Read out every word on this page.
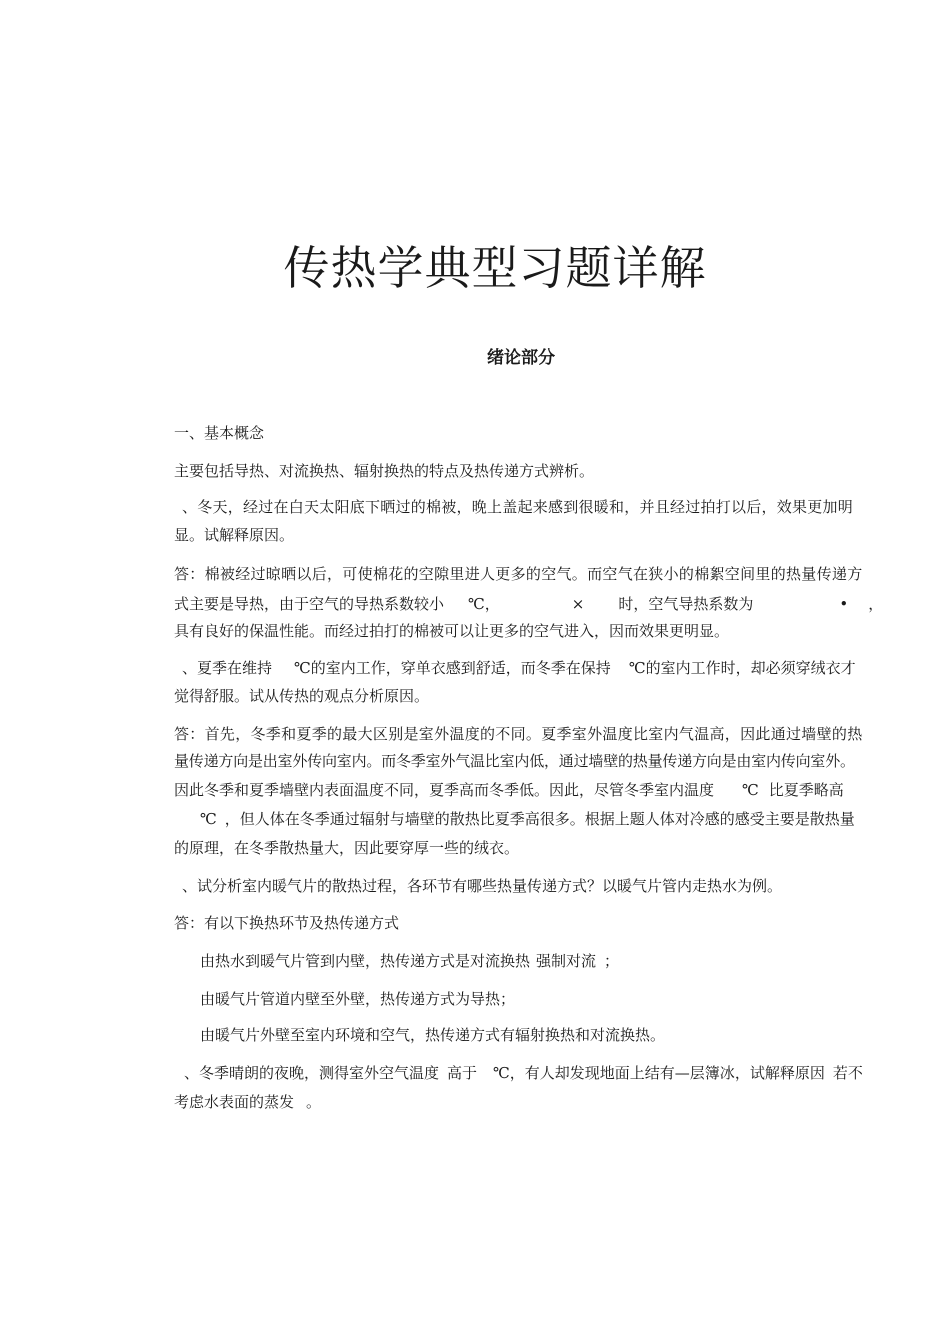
传热学典型习题详解
绪论部分
一、基本概念
主要包括导热、对流换热、辐射换热的特点及热传递方式辨析。
、冬天，经过在白天太阳底下晒过的棉被，晚上盖起来感到很暖和，并且经过拍打以后，效果更加明
显。试解释原因。
答：棉被经过晾晒以后，可使棉花的空隙里进人更多的空气。而空气在狭小的棉絮空间里的热量传递方
式主要是导热，由于空气的导热系数较小 ℃，	× 时，空气导热系数为	• ，
具有良好的保温性能。而经过拍打的棉被可以让更多的空气进入，因而效果更明显。
、夏季在维持 ℃的室内工作，穿单衣感到舒适，而冬季在保持 ℃的室内工作时，却必须穿绒衣才
觉得舒服。试从传热的观点分析原因。
答：首先，冬季和夏季的最大区别是室外温度的不同。夏季室外温度比室内气温高，因此通过墙壁的热
量传递方向是出室外传向室内。而冬季室外气温比室内低，通过墙壁的热量传递方向是由室内传向室外。
因此冬季和夏季墙壁内表面温度不同，夏季高而冬季低。因此，尽管冬季室内温度 ℃ 比夏季略高
℃ ，但人体在冬季通过辐射与墙壁的散热比夏季高很多。根据上题人体对冷感的感受主要是散热量
的原理，在冬季散热量大，因此要穿厚一些的绒衣。
、试分析室内暖气片的散热过程，各环节有哪些热量传递方式？以暖气片管内走热水为例。
答：有以下换热环节及热传递方式
由热水到暖气片管到内壁，热传递方式是对流换热 强制对流 ；
由暖气片管道内壁至外壁，热传递方式为导热；
由暖气片外壁至室内环境和空气，热传递方式有辐射换热和对流换热。
、冬季晴朗的夜晚，测得室外空气温度 高于 ℃，有人却发现地面上结有—层簿冰，试解释原因 若不
考虑水表面的蒸发 。
